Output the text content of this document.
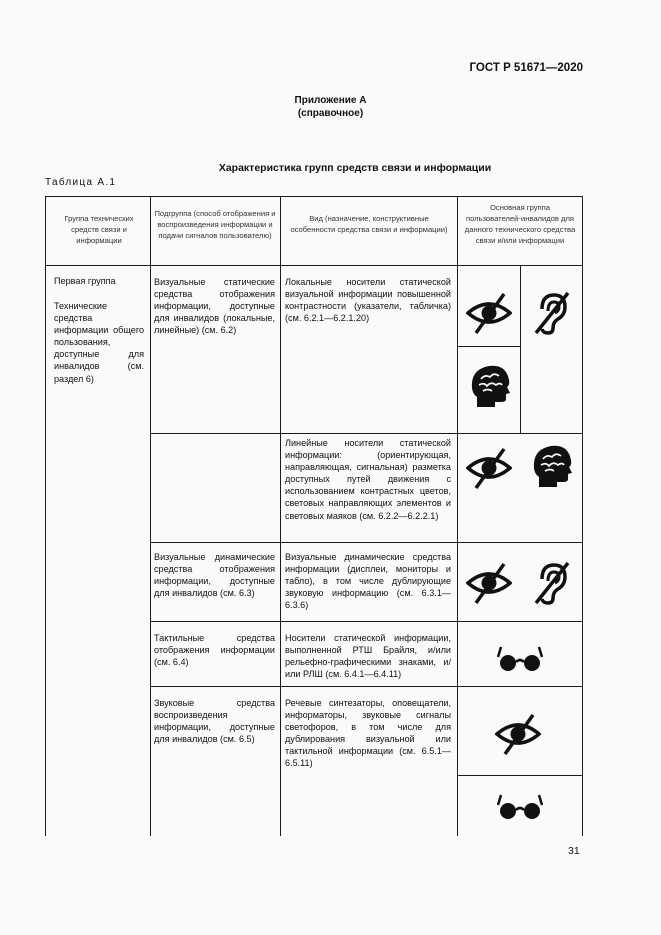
ГОСТ Р 51671—2020
Приложение А
(справочное)
Характеристика групп средств связи и информации
Таблица А.1
Группа технических средств связи и информации
Подгруппа (способ отображения и воспроизведения информации и подачи сигналов пользователю)
Вид (назначение, конструктивные особенности средства связи и информации)
Основная группа пользователей-инвалидов для данного технического средства связи и/или информации
Первая группа
Технические средства информации общего пользования, доступные для инвалидов (см. раздел 6)
Визуальные статические средства отображения информации, доступные для инвалидов (локальные, линейные) (см. 6.2)
Визуальные динамические средства отображения информации, доступные для инвалидов (см. 6.3)
Тактильные средства отображения информации (см. 6.4)
Звуковые средства воспроизведения информации, доступные для инвалидов (см. 6.5)
Локальные носители статической визуальной информации повышенной контрастности (указатели, табличка)(см. 6.2.1—6.2.1.20)
Линейные носители статической информации: (ориентирующая, направляющая, сигнальная) разметка доступных путей движения с использованием контрастных цветов, световых направляющих элементов и световых маяков (см. 6.2.2—6.2.2.1)
Визуальные динамические средства информации (дисплеи, мониторы и табло), в том числе дублирующие звуковую информацию (см. 6.3.1—6.3.6)
Носители статической информации, выполненной РТШ Брайля, и/или рельефно-графическими знаками, и/или РЛШ (см. 6.4.1—6.4.11)
Речевые синтезаторы, оповещатели, информаторы, звуковые сигналы светофоров, в том числе для дублирования визуальной или тактильной информации (см. 6.5.1—6.5.11)
31
